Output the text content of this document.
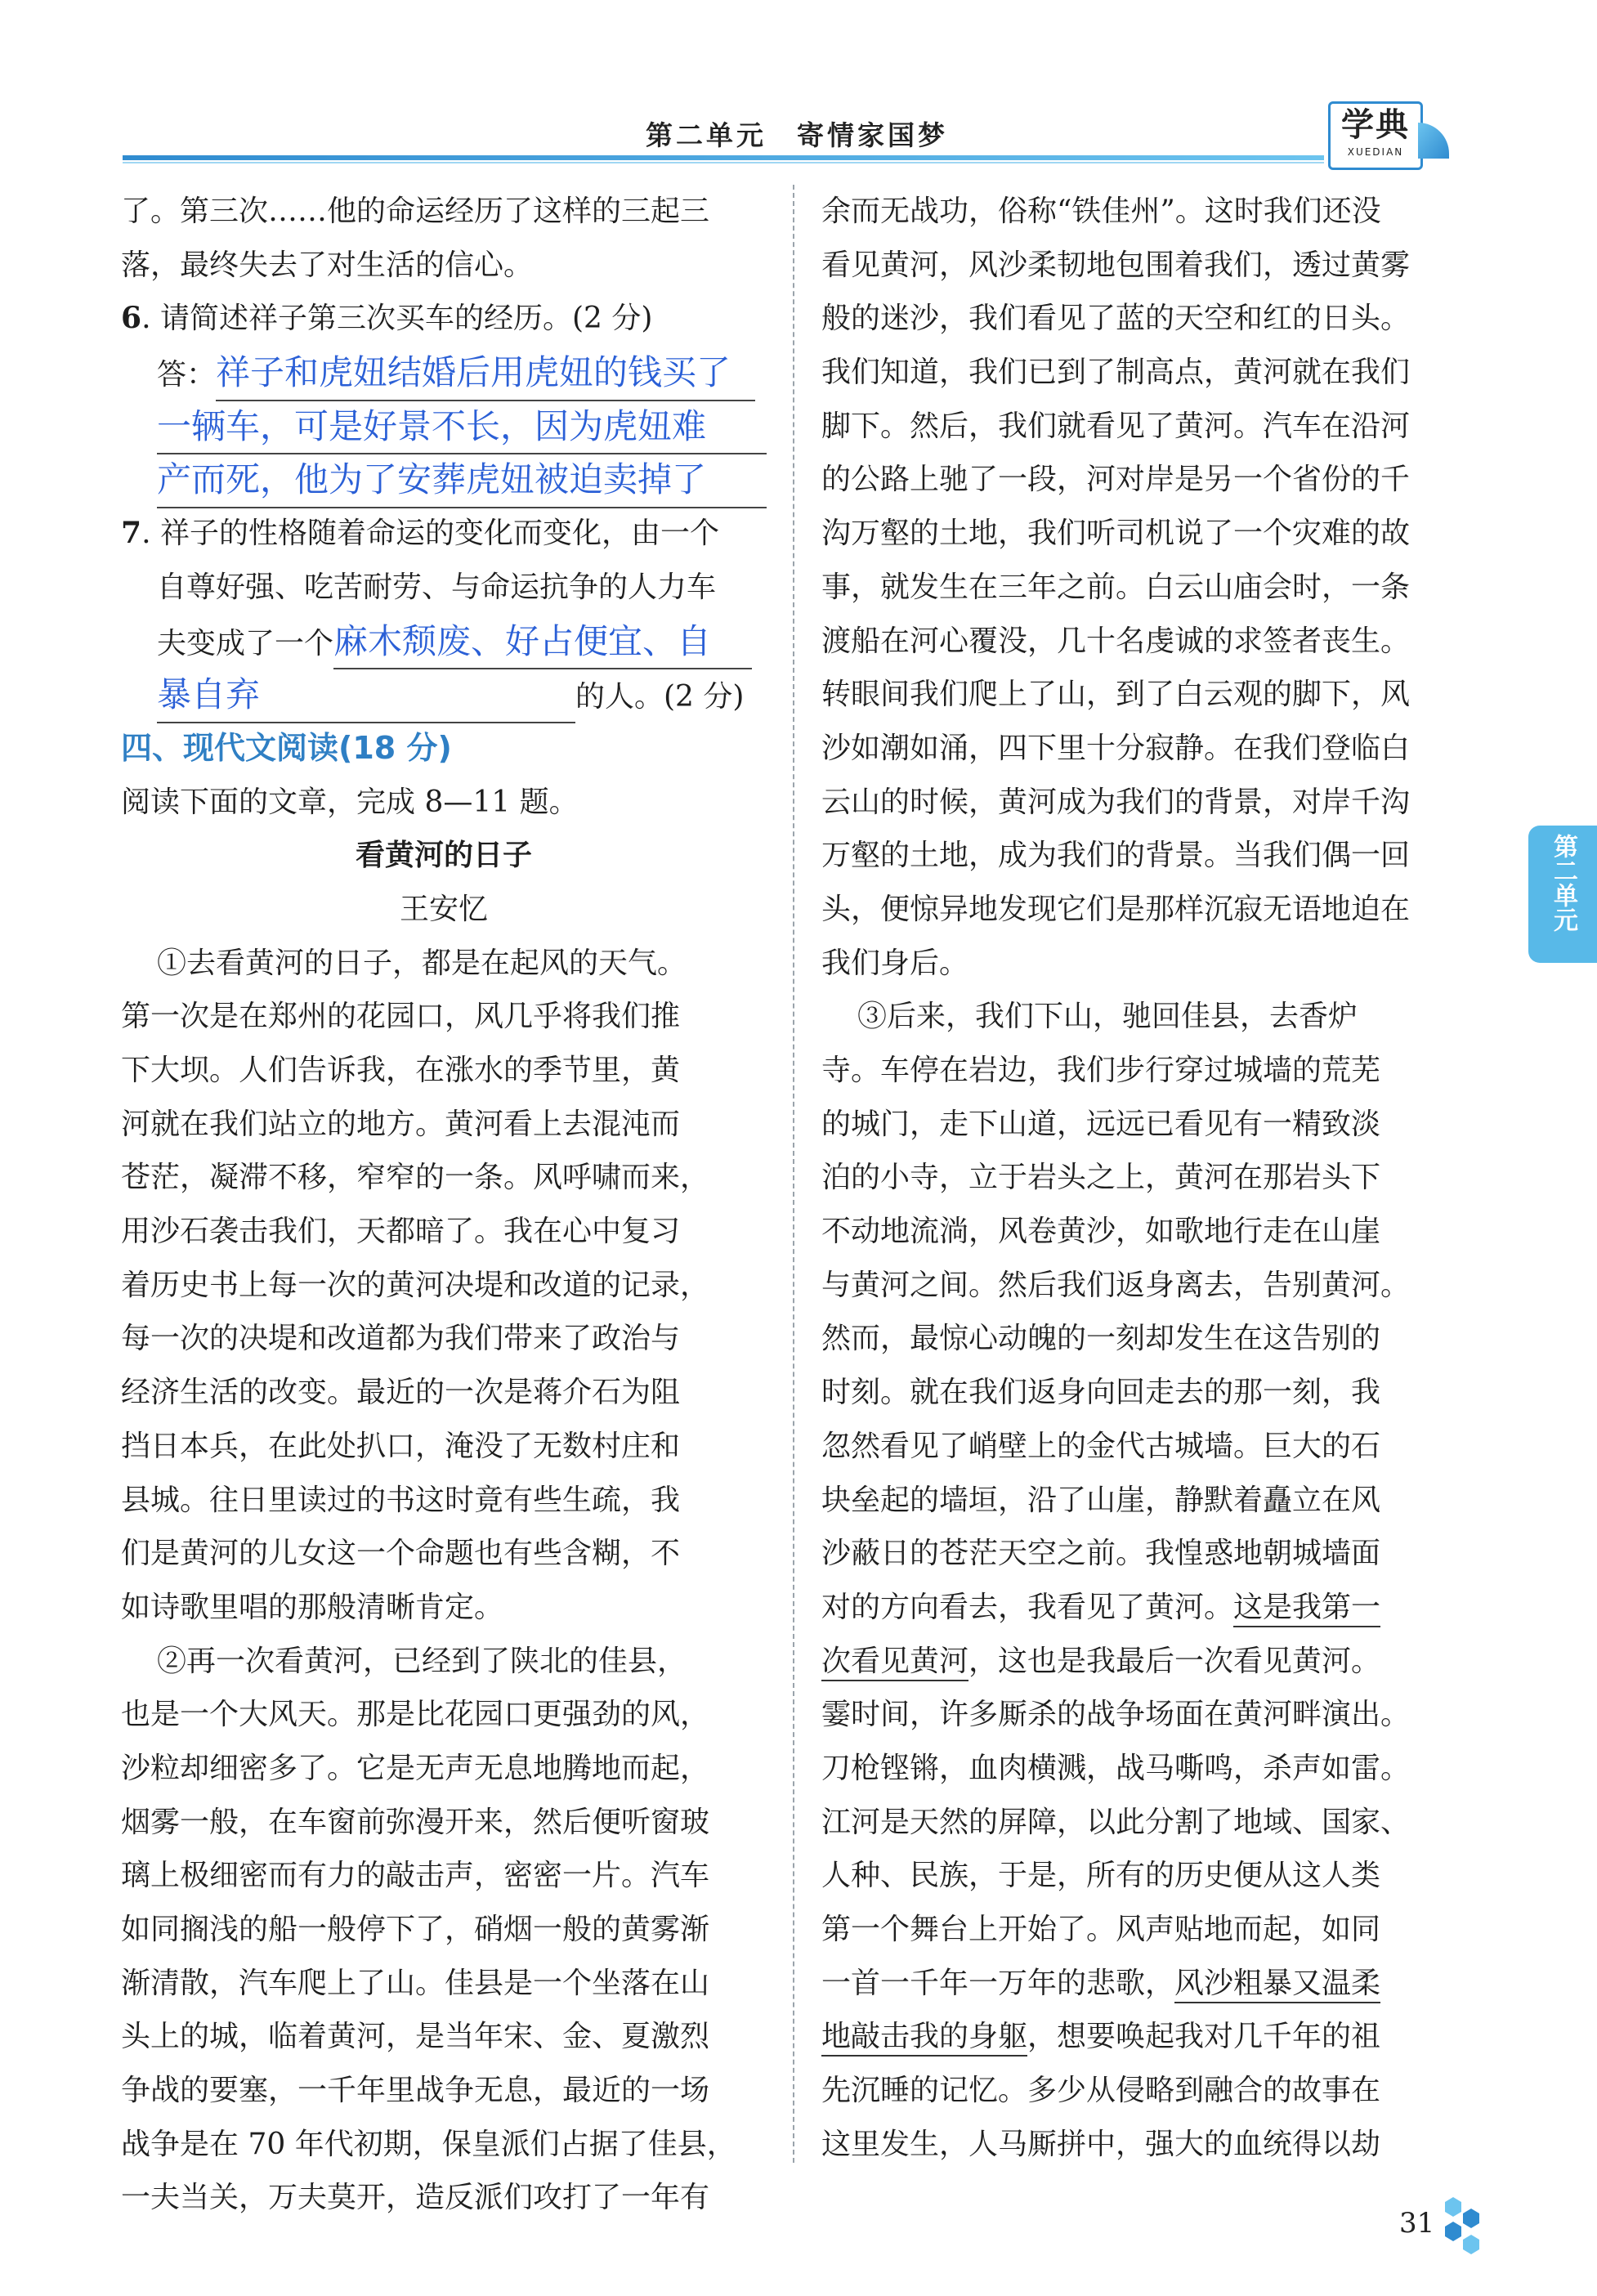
第二单元　寄情家国梦	学典
XUEDIAN
了。第三次……他的命运经历了这样的三起三
落，最终失去了对生活的信心。
6. 请简述祥子第三次买车的经历。(2 分)
答：祥子和虎妞结婚后用虎妞的钱买了
一辆车，可是好景不长，因为虎妞难
产而死，他为了安葬虎妞被迫卖掉了
7. 祥子的性格随着命运的变化而变化，由一个
自尊好强、吃苦耐劳、与命运抗争的人力车
夫变成了一个麻木颓废、好占便宜、自
暴自弃	的人。(2 分)
四、现代文阅读(18 分)
阅读下面的文章，完成 8—11 题。
看黄河的日子
王安忆
①去看黄河的日子，都是在起风的天气。
第一次是在郑州的花园口，风几乎将我们推
下大坝。人们告诉我，在涨水的季节里，黄
河就在我们站立的地方。黄河看上去混沌而
苍茫，凝滞不移，窄窄的一条。风呼啸而来，
用沙石袭击我们，天都暗了。我在心中复习
着历史书上每一次的黄河决堤和改道的记录，
每一次的决堤和改道都为我们带来了政治与
经济生活的改变。最近的一次是蒋介石为阻
挡日本兵，在此处扒口，淹没了无数村庄和
县城。往日里读过的书这时竟有些生疏，我
们是黄河的儿女这一个命题也有些含糊，不
如诗歌里唱的那般清晰肯定。
②再一次看黄河，已经到了陕北的佳县，
也是一个大风天。那是比花园口更强劲的风，
沙粒却细密多了。它是无声无息地腾地而起，
烟雾一般，在车窗前弥漫开来，然后便听窗玻
璃上极细密而有力的敲击声，密密一片。汽车
如同搁浅的船一般停下了，硝烟一般的黄雾渐
渐清散，汽车爬上了山。佳县是一个坐落在山
头上的城，临着黄河，是当年宋、金、夏激烈
争战的要塞，一千年里战争无息，最近的一场
战争是在 70 年代初期，保皇派们占据了佳县，
一夫当关，万夫莫开，造反派们攻打了一年有
余而无战功，俗称“铁佳州”。这时我们还没
看见黄河，风沙柔韧地包围着我们，透过黄雾
般的迷沙，我们看见了蓝的天空和红的日头。
我们知道，我们已到了制高点，黄河就在我们
脚下。然后，我们就看见了黄河。汽车在沿河
的公路上驰了一段，河对岸是另一个省份的千
沟万壑的土地，我们听司机说了一个灾难的故
事，就发生在三年之前。白云山庙会时，一条
渡船在河心覆没，几十名虔诚的求签者丧生。
转眼间我们爬上了山，到了白云观的脚下，风
沙如潮如涌，四下里十分寂静。在我们登临白
云山的时候，黄河成为我们的背景，对岸千沟
万壑的土地，成为我们的背景。当我们偶一回
头，便惊异地发现它们是那样沉寂无语地迫在
我们身后。
③后来，我们下山，驰回佳县，去香炉
寺。车停在岩边，我们步行穿过城墙的荒芜
的城门，走下山道，远远已看见有一精致淡
泊的小寺，立于岩头之上，黄河在那岩头下
不动地流淌，风卷黄沙，如歌地行走在山崖
与黄河之间。然后我们返身离去，告别黄河。
然而，最惊心动魄的一刻却发生在这告别的
时刻。就在我们返身向回走去的那一刻，我
忽然看见了峭壁上的金代古城墙。巨大的石
块垒起的墙垣，沿了山崖，静默着矗立在风
沙蔽日的苍茫天空之前。我惶惑地朝城墙面
对的方向看去，我看见了黄河。这是我第一
次看见黄河，这也是我最后一次看见黄河。
霎时间，许多厮杀的战争场面在黄河畔演出。
刀枪铿锵，血肉横溅，战马嘶鸣，杀声如雷。
江河是天然的屏障，以此分割了地域、国家、
人种、民族，于是，所有的历史便从这人类
第一个舞台上开始了。风声贴地而起，如同
一首一千年一万年的悲歌，风沙粗暴又温柔
地敲击我的身躯，想要唤起我对几千年的祖
先沉睡的记忆。多少从侵略到融合的故事在
这里发生，人马厮拼中，强大的血统得以劫
第二单元
31
